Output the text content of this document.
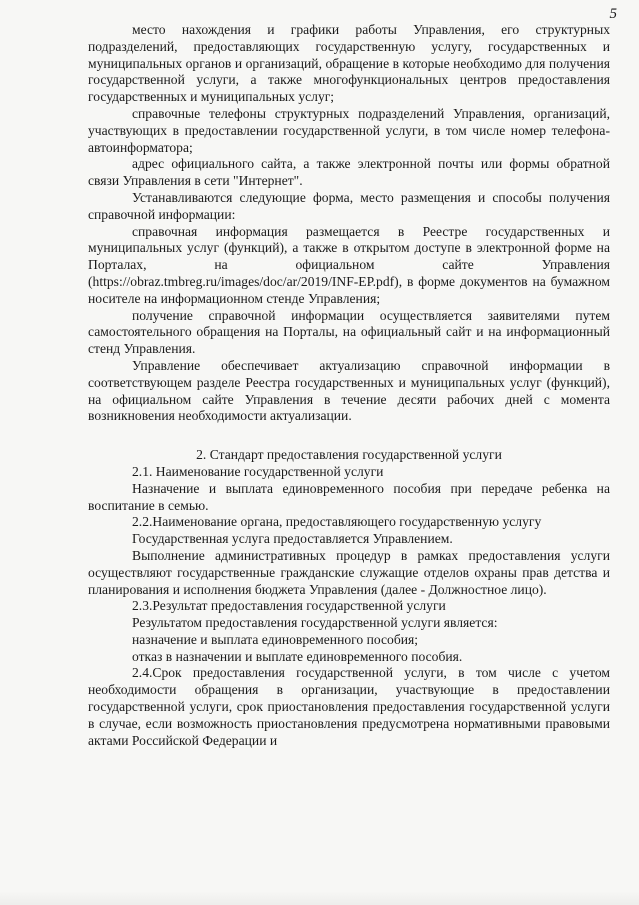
5

место нахождения и графики работы Управления, его структурных подразделений, предоставляющих государственную услугу, государственных и муниципальных органов и организаций, обращение в которые необходимо для получения государственной услуги, а также многофункциональных центров предоставления государственных и муниципальных услуг;

справочные телефоны структурных подразделений Управления, организаций, участвующих в предоставлении государственной услуги, в том числе номер телефона-автоинформатора;

адрес официального сайта, а также электронной почты или формы обратной связи Управления в сети "Интернет".

Устанавливаются следующие форма, место размещения и способы получения справочной информации:

справочная информация размещается в Реестре государственных и муниципальных услуг (функций), а также в открытом доступе в электронной форме на Порталах, на официальном сайте Управления (https://obraz.tmbreg.ru/images/doc/ar/2019/INF-EP.pdf), в форме документов на бумажном носителе на информационном стенде Управления;

получение справочной информации осуществляется заявителями путем самостоятельного обращения на Порталы, на официальный сайт и на информационный стенд Управления.

Управление обеспечивает актуализацию справочной информации в соответствующем разделе Реестра государственных и муниципальных услуг (функций), на официальном сайте Управления в течение десяти рабочих дней с момента возникновения необходимости актуализации.

2. Стандарт предоставления государственной услуги

2.1. Наименование государственной услуги

Назначение и выплата единовременного пособия при передаче ребенка на воспитание в семью.

2.2.Наименование органа, предоставляющего государственную услугу

Государственная услуга предоставляется Управлением.

Выполнение административных процедур в рамках предоставления услуги осуществляют государственные гражданские служащие отделов охраны прав детства и планирования и исполнения бюджета Управления (далее - Должностное лицо).

2.3.Результат предоставления государственной услуги

Результатом предоставления государственной услуги является:

назначение и выплата единовременного пособия;

отказ в назначении и выплате единовременного пособия.

2.4.Срок предоставления государственной услуги, в том числе с учетом необходимости обращения в организации, участвующие в предоставлении государственной услуги, срок приостановления предоставления государственной услуги в случае, если возможность приостановления предусмотрена нормативными правовыми актами Российской Федерации и
